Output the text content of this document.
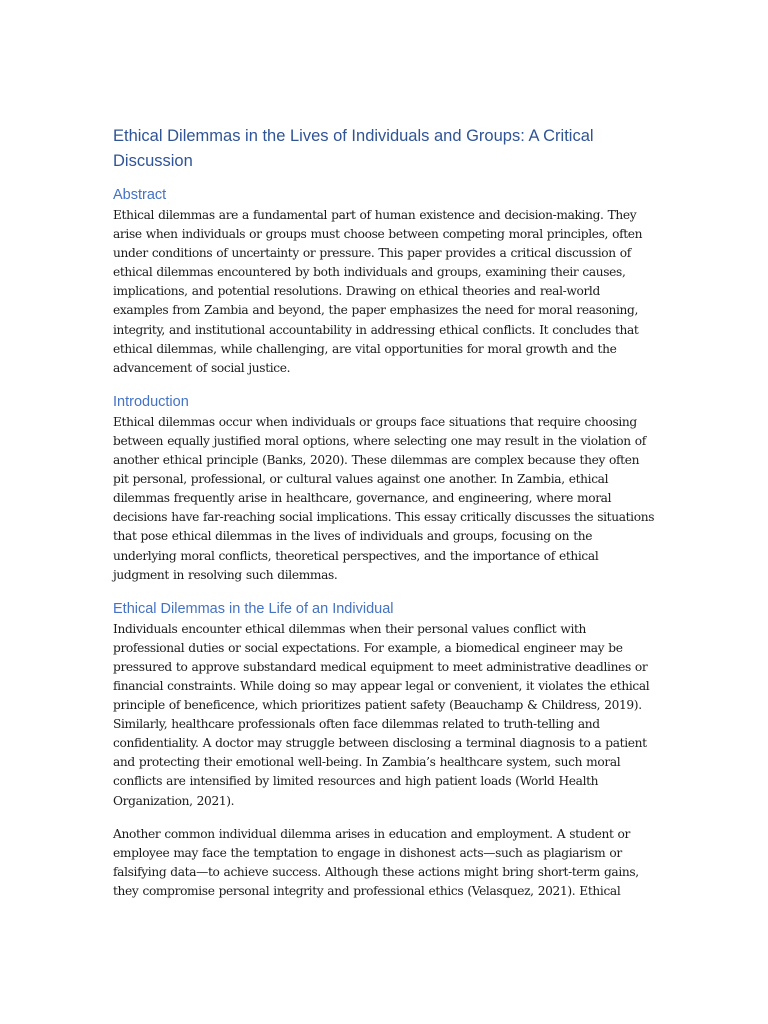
Ethical Dilemmas in the Lives of Individuals and Groups: A Critical Discussion
Abstract

Ethical dilemmas are a fundamental part of human existence and decision-making. They arise when individuals or groups must choose between competing moral principles, often under conditions of uncertainty or pressure. This paper provides a critical discussion of ethical dilemmas encountered by both individuals and groups, examining their causes, implications, and potential resolutions. Drawing on ethical theories and real-world examples from Zambia and beyond, the paper emphasizes the need for moral reasoning, integrity, and institutional accountability in addressing ethical conflicts. It concludes that ethical dilemmas, while challenging, are vital opportunities for moral growth and the advancement of social justice.

Introduction

Ethical dilemmas occur when individuals or groups face situations that require choosing between equally justified moral options, where selecting one may result in the violation of another ethical principle (Banks, 2020). These dilemmas are complex because they often pit personal, professional, or cultural values against one another. In Zambia, ethical dilemmas frequently arise in healthcare, governance, and engineering, where moral decisions have far-reaching social implications. This essay critically discusses the situations that pose ethical dilemmas in the lives of individuals and groups, focusing on the underlying moral conflicts, theoretical perspectives, and the importance of ethical judgment in resolving such dilemmas.

Ethical Dilemmas in the Life of an Individual

Individuals encounter ethical dilemmas when their personal values conflict with professional duties or social expectations. For example, a biomedical engineer may be pressured to approve substandard medical equipment to meet administrative deadlines or financial constraints. While doing so may appear legal or convenient, it violates the ethical principle of beneficence, which prioritizes patient safety (Beauchamp & Childress, 2019). Similarly, healthcare professionals often face dilemmas related to truth-telling and confidentiality. A doctor may struggle between disclosing a terminal diagnosis to a patient and protecting their emotional well-being. In Zambia’s healthcare system, such moral conflicts are intensified by limited resources and high patient loads (World Health Organization, 2021).

Another common individual dilemma arises in education and employment. A student or employee may face the temptation to engage in dishonest acts—such as plagiarism or falsifying data—to achieve success. Although these actions might bring short-term gains, they compromise personal integrity and professional ethics (Velasquez, 2021). Ethical
